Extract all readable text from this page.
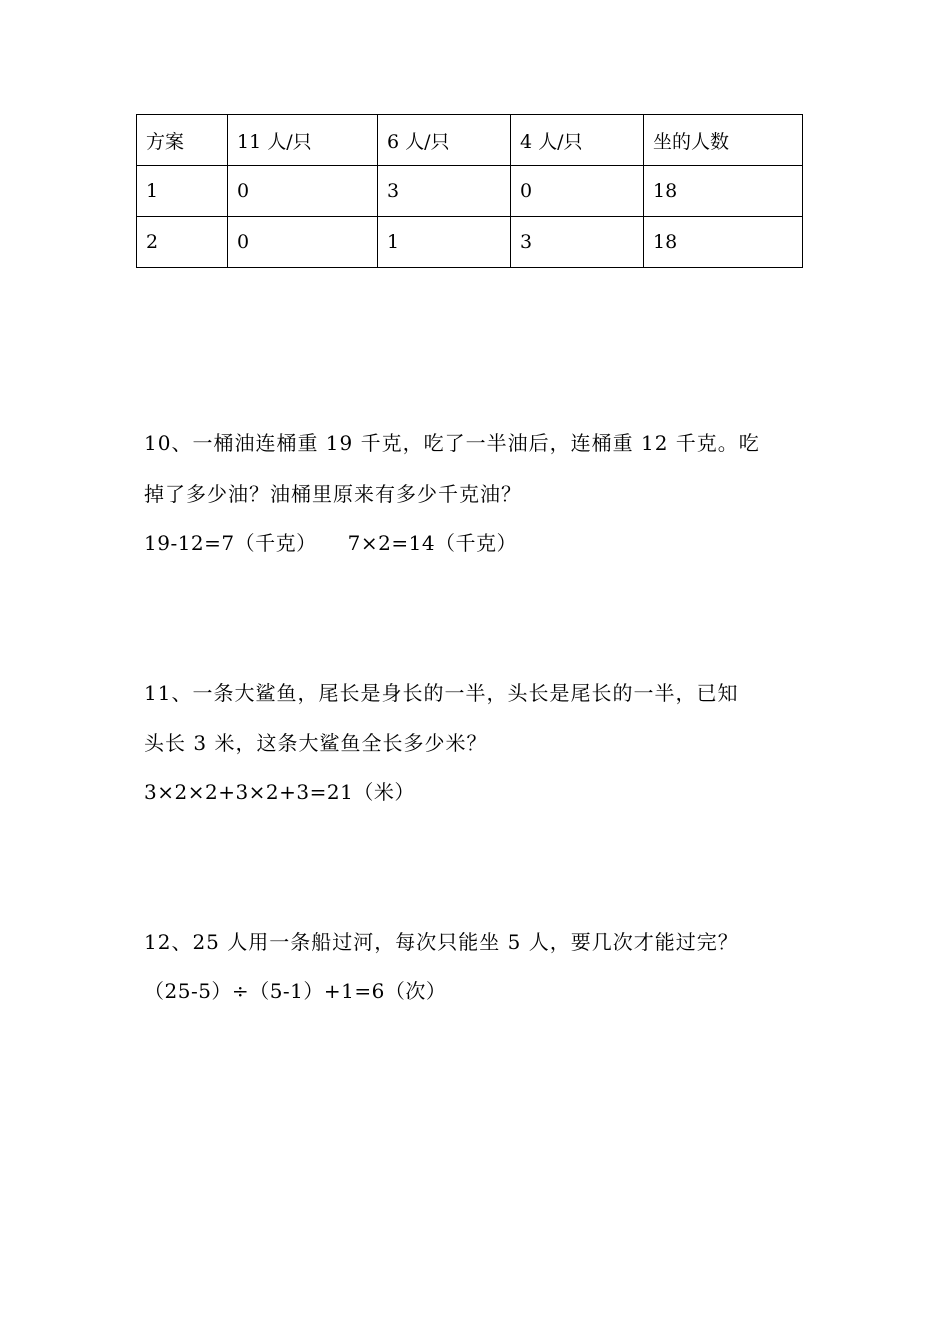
方案	11 人/只	6 人/只	4 人/只	坐的人数
1	0	3	0	18
2	0	1	3	18
10、一桶油连桶重 19 千克，吃了一半油后，连桶重 12 千克。吃
掉了多少油？油桶里原来有多少千克油？
19-12=7（千克）　　7×2=14（千克）
11、一条大鲨鱼，尾长是身长的一半，头长是尾长的一半，已知
头长 3 米，这条大鲨鱼全长多少米？
3×2×2+3×2+3=21（米）
12、25 人用一条船过河，每次只能坐 5 人，要几次才能过完？
（25-5）÷（5-1）+1=6（次）
